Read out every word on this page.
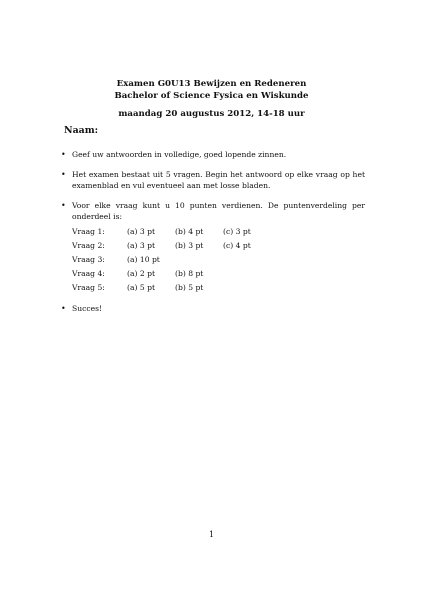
Examen G0U13 Bewijzen en Redeneren
Bachelor of Science Fysica en Wiskunde
maandag 20 augustus 2012, 14-18 uur
Naam:
• Geef uw antwoorden in volledige, goed lopende zinnen.
• Het examen bestaat uit 5 vragen. Begin het antwoord op elke vraag op het examenblad en vul eventueel aan met losse bladen.
• Voor elke vraag kunt u 10 punten verdienen. De puntenverdeling per onderdeel is:
Vraag 1:	(a) 3 pt	(b) 4 pt	(c) 3 pt
Vraag 2:	(a) 3 pt	(b) 3 pt	(c) 4 pt
Vraag 3:	(a) 10 pt		
Vraag 4:	(a) 2 pt	(b) 8 pt	
Vraag 5:	(a) 5 pt	(b) 5 pt	
• Succes!
1
